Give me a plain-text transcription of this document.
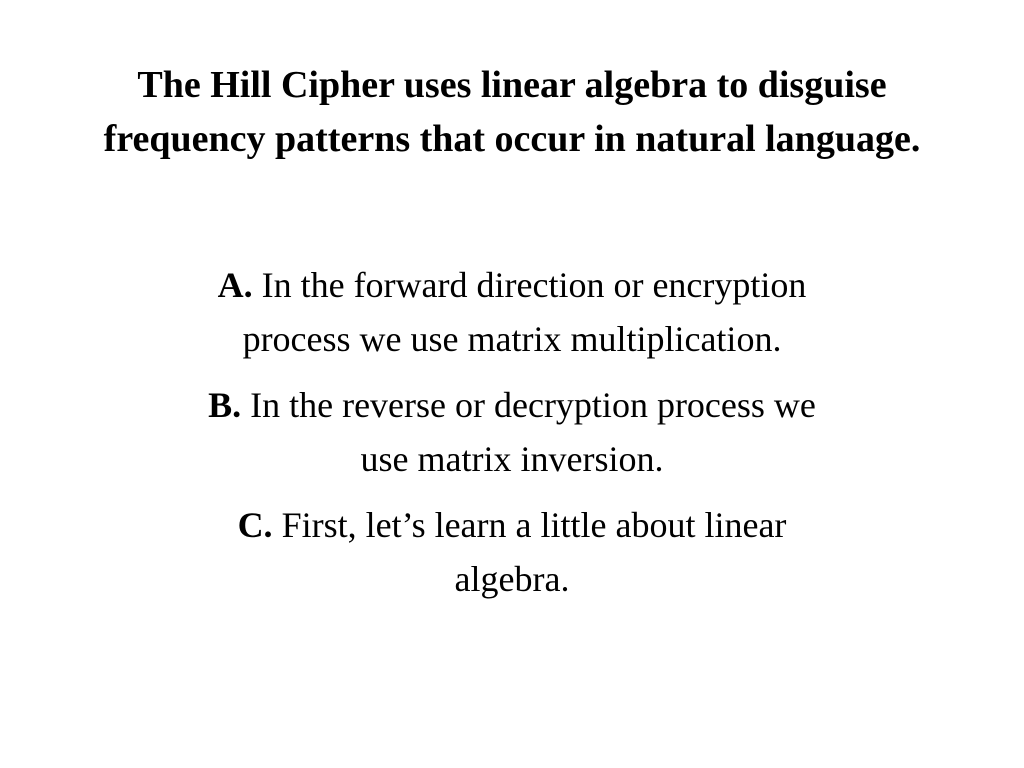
The Hill Cipher uses linear algebra to disguise frequency patterns that occur in natural language.
A. In the forward direction or encryption process we use matrix multiplication.
B. In the reverse or decryption process we use matrix inversion.
C. First, let’s learn a little about linear algebra.
